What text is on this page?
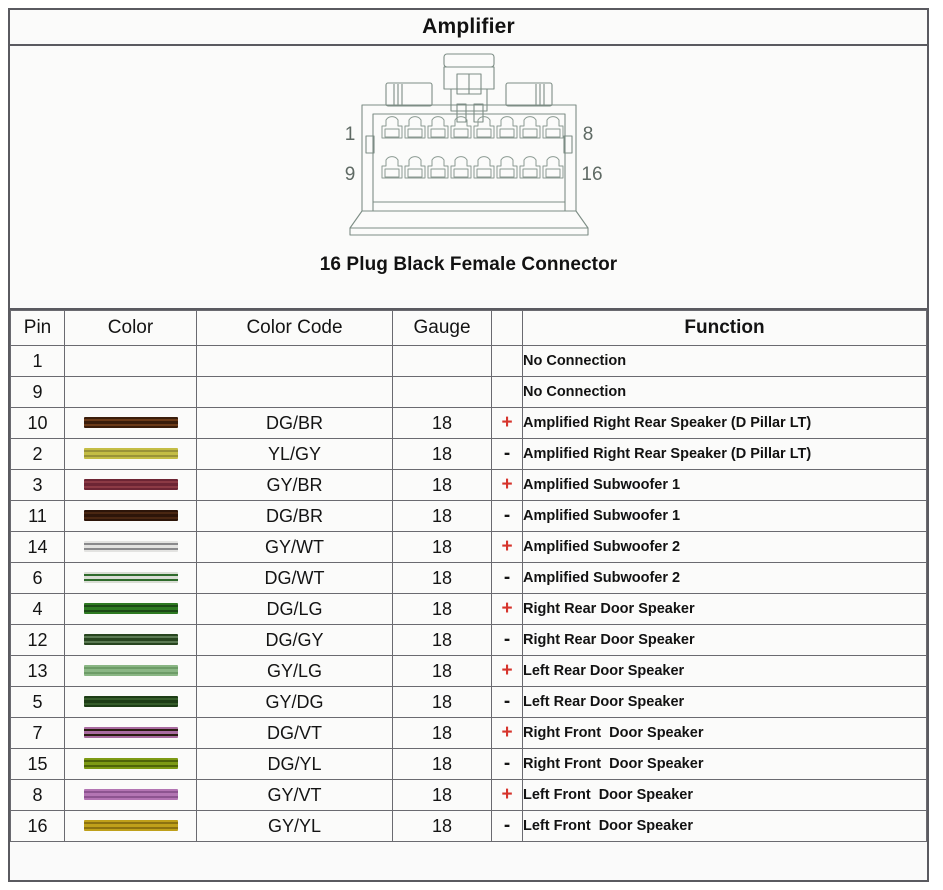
Amplifier
1	8
9	16
16 Plug Black Female Connector
Pin	Color	Color Code	Gauge		Function
1					No Connection
9					No Connection
10		DG/BR	18	+	Amplified Right Rear Speaker (D Pillar LT)
2		YL/GY	18	-	Amplified Right Rear Speaker (D Pillar LT)
3		GY/BR	18	+	Amplified Subwoofer 1
11		DG/BR	18	-	Amplified Subwoofer 1
14		GY/WT	18	+	Amplified Subwoofer 2
6		DG/WT	18	-	Amplified Subwoofer 2
4		DG/LG	18	+	Right Rear Door Speaker
12		DG/GY	18	-	Right Rear Door Speaker
13		GY/LG	18	+	Left Rear Door Speaker
5		GY/DG	18	-	Left Rear Door Speaker
7		DG/VT	18	+	Right Front  Door Speaker
15		DG/YL	18	-	Right Front  Door Speaker
8		GY/VT	18	+	Left Front  Door Speaker
16		GY/YL	18	-	Left Front  Door Speaker
